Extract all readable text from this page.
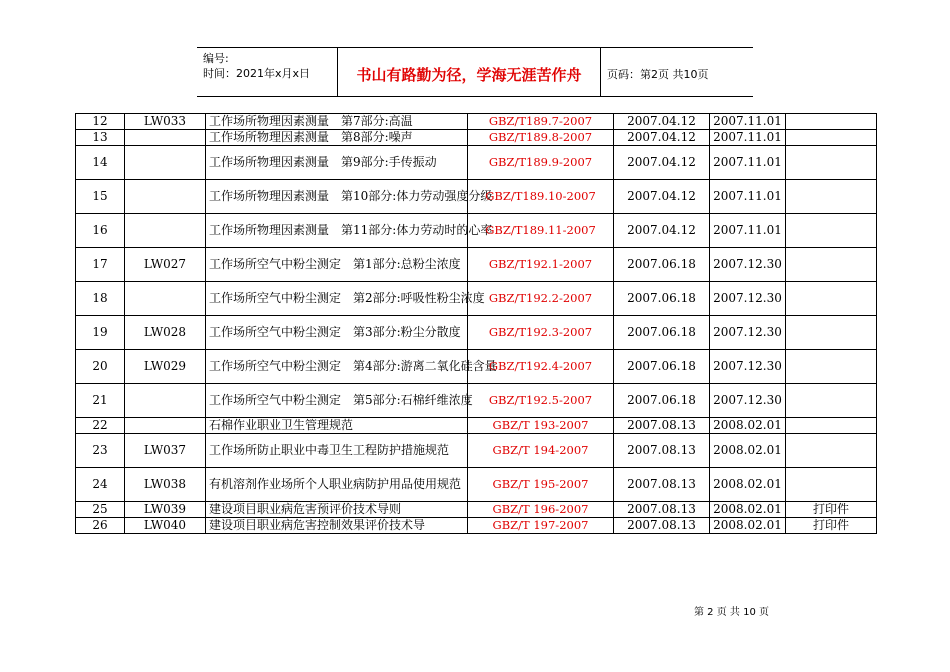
编号:
时间：2021年x月x日	书山有路勤为径，学海无涯苦作舟	页码：第2页 共10页
12	LW033	工作场所物理因素测量　第7部分:高温	GBZ/T189.7-2007	2007.04.12	2007.11.01	
13		工作场所物理因素测量　第8部分:噪声	GBZ/T189.8-2007	2007.04.12	2007.11.01	
14		工作场所物理因素测量　第9部分:手传振动	GBZ/T189.9-2007	2007.04.12	2007.11.01	
15		工作场所物理因素测量　第10部分:体力劳动强度分级	GBZ/T189.10-2007	2007.04.12	2007.11.01	
16		工作场所物理因素测量　第11部分:体力劳动时的心率	GBZ/T189.11-2007	2007.04.12	2007.11.01	
17	LW027	工作场所空气中粉尘测定　第1部分:总粉尘浓度	GBZ/T192.1-2007	2007.06.18	2007.12.30	
18		工作场所空气中粉尘测定　第2部分:呼吸性粉尘浓度	GBZ/T192.2-2007	2007.06.18	2007.12.30	
19	LW028	工作场所空气中粉尘测定　第3部分:粉尘分散度	GBZ/T192.3-2007	2007.06.18	2007.12.30	
20	LW029	工作场所空气中粉尘测定　第4部分:游离二氧化硅含量	GBZ/T192.4-2007	2007.06.18	2007.12.30	
21		工作场所空气中粉尘测定　第5部分:石棉纤维浓度	GBZ/T192.5-2007	2007.06.18	2007.12.30	
22		石棉作业职业卫生管理规范	GBZ/T 193-2007	2007.08.13	2008.02.01	
23	LW037	工作场所防止职业中毒卫生工程防护措施规范	GBZ/T 194-2007	2007.08.13	2008.02.01	
24	LW038	有机溶剂作业场所个人职业病防护用品使用规范	GBZ/T 195-2007	2007.08.13	2008.02.01	
25	LW039	建设项目职业病危害预评价技术导则	GBZ/T 196-2007	2007.08.13	2008.02.01	打印件
26	LW040	建设项目职业病危害控制效果评价技术导	GBZ/T 197-2007	2007.08.13	2008.02.01	打印件
第 2 页 共 10 页
